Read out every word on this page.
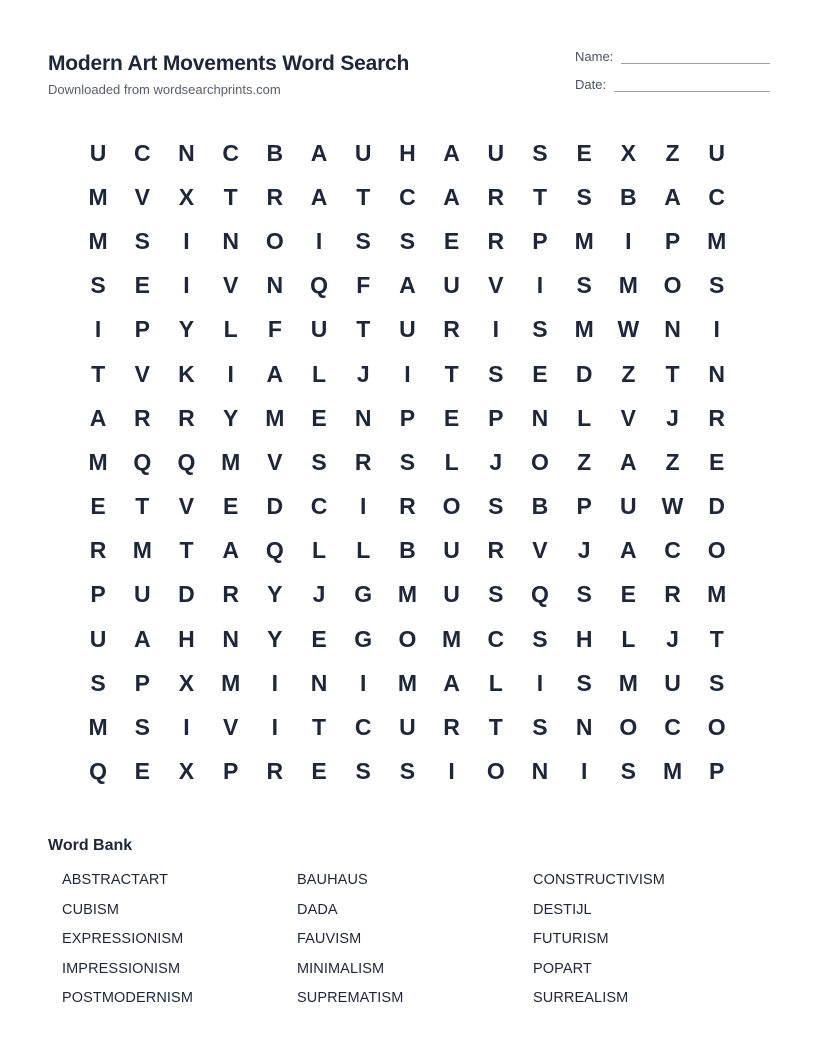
Modern Art Movements Word Search
Downloaded from wordsearchprints.com
Name:
Date:
U	C	N	C	B	A	U	H	A	U	S	E	X	Z	U
M	V	X	T	R	A	T	C	A	R	T	S	B	A	C
M	S	I	N	O	I	S	S	E	R	P	M	I	P	M
S	E	I	V	N	Q	F	A	U	V	I	S	M	O	S
I	P	Y	L	F	U	T	U	R	I	S	M	W	N	I
T	V	K	I	A	L	J	I	T	S	E	D	Z	T	N
A	R	R	Y	M	E	N	P	E	P	N	L	V	J	R
M	Q	Q	M	V	S	R	S	L	J	O	Z	A	Z	E
E	T	V	E	D	C	I	R	O	S	B	P	U	W	D
R	M	T	A	Q	L	L	B	U	R	V	J	A	C	O
P	U	D	R	Y	J	G	M	U	S	Q	S	E	R	M
U	A	H	N	Y	E	G	O	M	C	S	H	L	J	T
S	P	X	M	I	N	I	M	A	L	I	S	M	U	S
M	S	I	V	I	T	C	U	R	T	S	N	O	C	O
Q	E	X	P	R	E	S	S	I	O	N	I	S	M	P
Word Bank
ABSTRACTART
CUBISM
EXPRESSIONISM
IMPRESSIONISM
POSTMODERNISM
BAUHAUS
DADA
FAUVISM
MINIMALISM
SUPREMATISM
CONSTRUCTIVISM
DESTIJL
FUTURISM
POPART
SURREALISM
